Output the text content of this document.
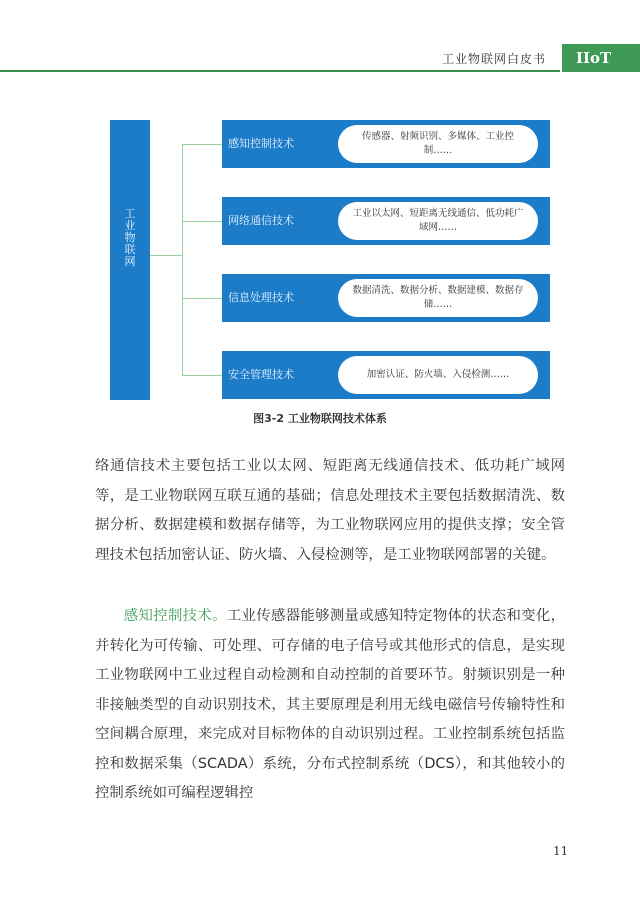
工业物联网白皮书	IIoT
工
业
物
联
网
感知控制技术
传感器、射频识别、多媒体、工业控制……
网络通信技术
工业以太网、短距离无线通信、低功耗广域网……
信息处理技术
数据清洗、数据分析、数据建模、数据存储……
安全管理技术	加密认证、防火墙、入侵检测……
图3-2 工业物联网技术体系

络通信技术主要包括工业以太网、短距离无线通信技术、低功耗广域网等，是工业物联网互联互通的基础；信息处理技术主要包括数据清洗、数据分析、数据建模和数据存储等，为工业物联网应用的提供支撑；安全管理技术包括加密认证、防火墙、入侵检测等，是工业物联网部署的关键。

感知控制技术。工业传感器能够测量或感知特定物体的状态和变化，并转化为可传输、可处理、可存储的电子信号或其他形式的信息，是实现工业物联网中工业过程自动检测和自动控制的首要环节。射频识别是一种非接触类型的自动识别技术，其主要原理是利用无线电磁信号传输特性和空间耦合原理，来完成对目标物体的自动识别过程。工业控制系统包括监控和数据采集（SCADA）系统，分布式控制系统（DCS），和其他较小的控制系统如可编程逻辑控

11
